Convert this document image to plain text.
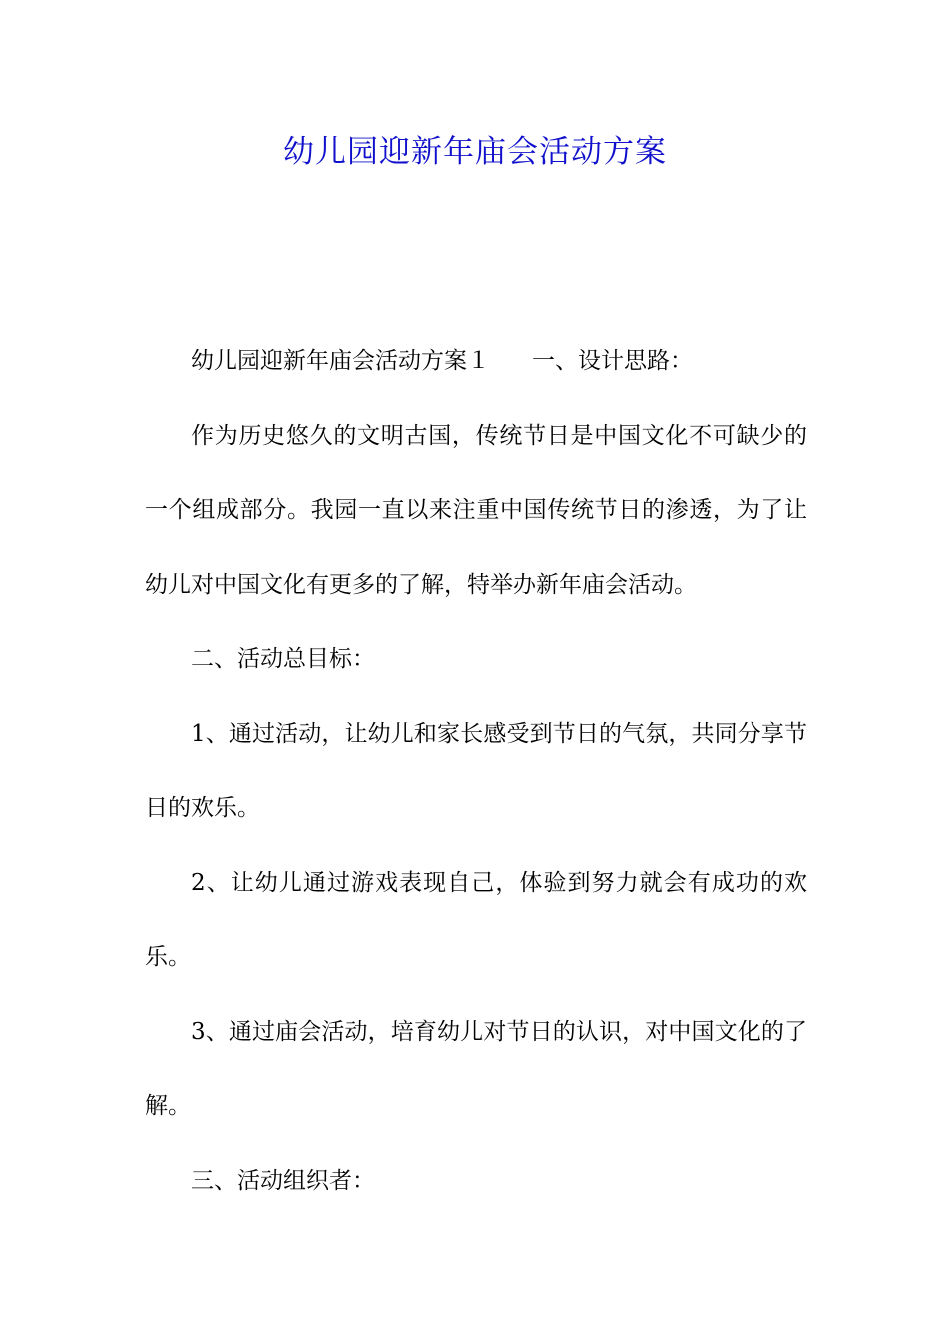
幼儿园迎新年庙会活动方案

幼儿园迎新年庙会活动方案１ 一、设计思路：

作为历史悠久的文明古国，传统节日是中国文化不可缺少的一个组成部分。我园一直以来注重中国传统节日的渗透，为了让幼儿对中国文化有更多的了解，特举办新年庙会活动。

二、活动总目标：

1、通过活动，让幼儿和家长感受到节日的气氛，共同分享节日的欢乐。

2、让幼儿通过游戏表现自己，体验到努力就会有成功的欢乐。

3、通过庙会活动，培育幼儿对节日的认识，对中国文化的了解。

三、活动组织者：
